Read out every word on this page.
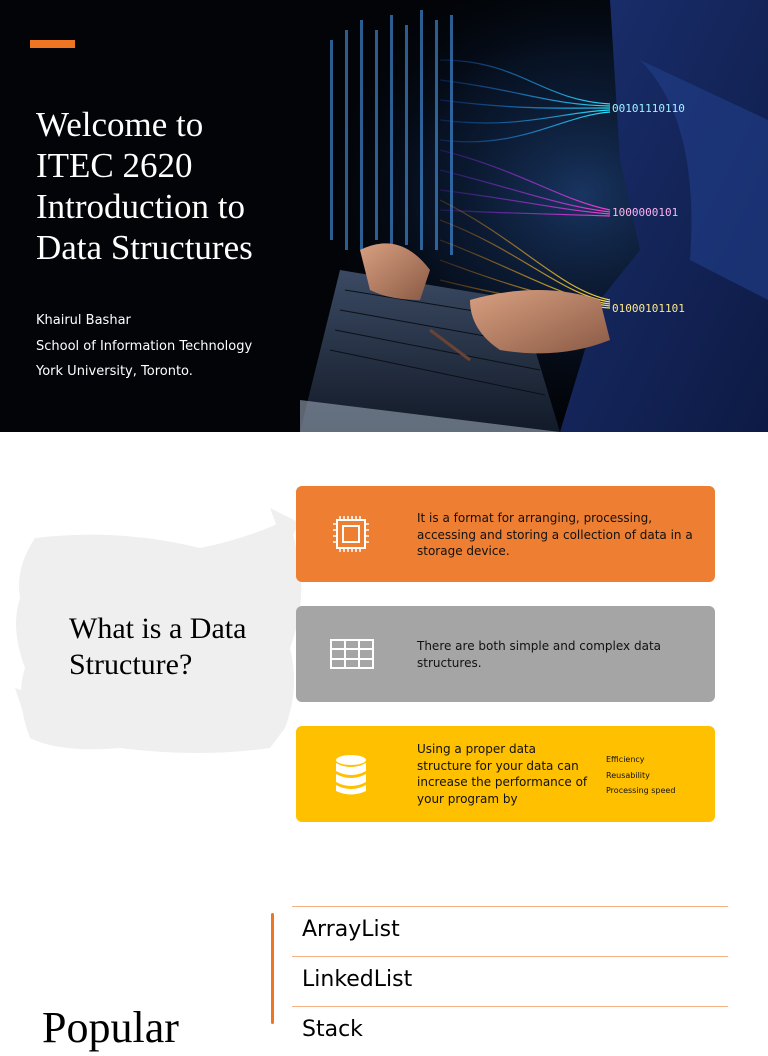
00101110110
1000000101
01000101101
Welcome to
ITEC 2620
Introduction to
Data Structures
Khairul Bashar
School of Information Technology
York University, Toronto.
What is a Data
Structure?
It is a format for arranging, processing, accessing and storing a collection of data in a storage device.
There are both simple and complex data structures.
Using a proper data structure for your data can increase the performance of your program by
Efficiency
Reusability
Processing speed
Popular
ArrayList
LinkedList
Stack
